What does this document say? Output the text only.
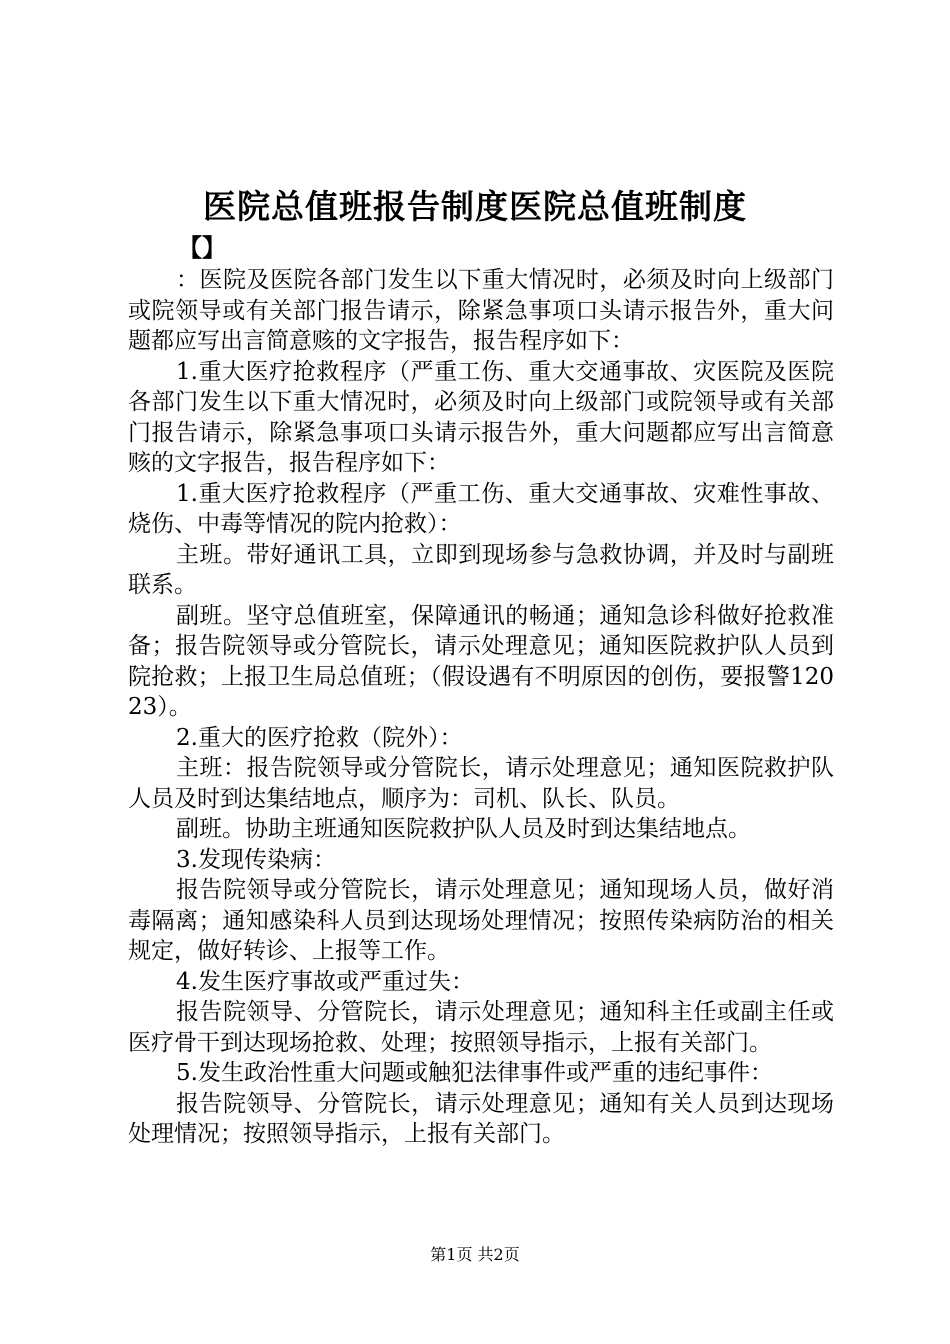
医院总值班报告制度医院总值班制度
【】

：医院及医院各部门发生以下重大情况时，必须及时向上级部门或院领导或有关部门报告请示，除紧急事项口头请示报告外，重大问题都应写出言简意赅的文字报告，报告程序如下：

1.重大医疗抢救程序（严重工伤、重大交通事故、灾医院及医院各部门发生以下重大情况时，必须及时向上级部门或院领导或有关部门报告请示，除紧急事项口头请示报告外，重大问题都应写出言简意赅的文字报告，报告程序如下：

1.重大医疗抢救程序（严重工伤、重大交通事故、灾难性事故、烧伤、中毒等情况的院内抢救）：

主班。带好通讯工具，立即到现场参与急救协调，并及时与副班联系。

副班。坚守总值班室，保障通讯的畅通；通知急诊科做好抢救准备；报告院领导或分管院长，请示处理意见；通知医院救护队人员到院抢救；上报卫生局总值班；（假设遇有不明原因的创伤，要报警12023）。

2.重大的医疗抢救（院外）：

主班：报告院领导或分管院长，请示处理意见；通知医院救护队人员及时到达集结地点，顺序为：司机、队长、队员。

副班。协助主班通知医院救护队人员及时到达集结地点。

3.发现传染病：

报告院领导或分管院长，请示处理意见；通知现场人员，做好消毒隔离；通知感染科人员到达现场处理情况；按照传染病防治的相关规定，做好转诊、上报等工作。

4.发生医疗事故或严重过失：

报告院领导、分管院长，请示处理意见；通知科主任或副主任或医疗骨干到达现场抢救、处理；按照领导指示，上报有关部门。

5.发生政治性重大问题或触犯法律事件或严重的违纪事件：

报告院领导、分管院长，请示处理意见；通知有关人员到达现场处理情况；按照领导指示，上报有关部门。

第1页 共2页
